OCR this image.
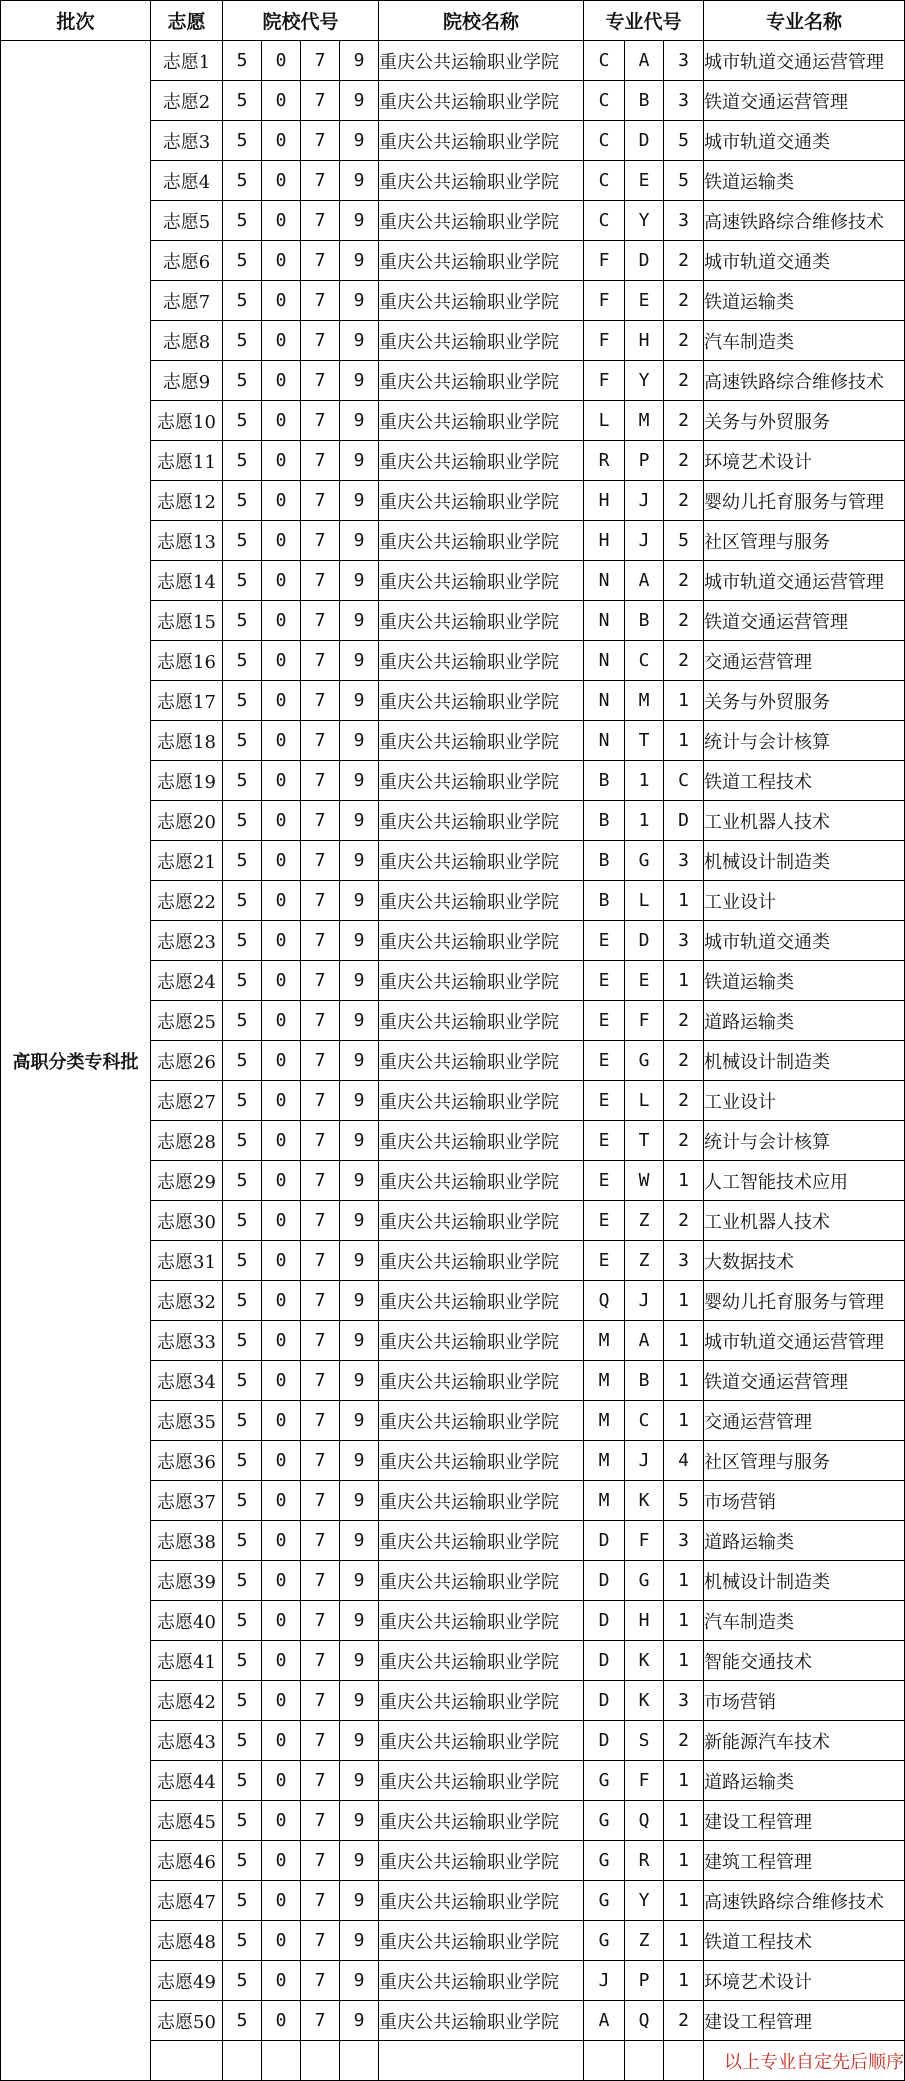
批次	志愿	院校代号				院校名称	专业代号			专业名称
高职分类专科批	志愿1	5	0	7	9	重庆公共运输职业学院	C	A	3	城市轨道交通运营管理
	志愿2	5	0	7	9	重庆公共运输职业学院	C	B	3	铁道交通运营管理
	志愿3	5	0	7	9	重庆公共运输职业学院	C	D	5	城市轨道交通类
	志愿4	5	0	7	9	重庆公共运输职业学院	C	E	5	铁道运输类
	志愿5	5	0	7	9	重庆公共运输职业学院	C	Y	3	高速铁路综合维修技术
	志愿6	5	0	7	9	重庆公共运输职业学院	F	D	2	城市轨道交通类
	志愿7	5	0	7	9	重庆公共运输职业学院	F	E	2	铁道运输类
	志愿8	5	0	7	9	重庆公共运输职业学院	F	H	2	汽车制造类
	志愿9	5	0	7	9	重庆公共运输职业学院	F	Y	2	高速铁路综合维修技术
	志愿10	5	0	7	9	重庆公共运输职业学院	L	M	2	关务与外贸服务
	志愿11	5	0	7	9	重庆公共运输职业学院	R	P	2	环境艺术设计
	志愿12	5	0	7	9	重庆公共运输职业学院	H	J	2	婴幼儿托育服务与管理
	志愿13	5	0	7	9	重庆公共运输职业学院	H	J	5	社区管理与服务
	志愿14	5	0	7	9	重庆公共运输职业学院	N	A	2	城市轨道交通运营管理
	志愿15	5	0	7	9	重庆公共运输职业学院	N	B	2	铁道交通运营管理
	志愿16	5	0	7	9	重庆公共运输职业学院	N	C	2	交通运营管理
	志愿17	5	0	7	9	重庆公共运输职业学院	N	M	1	关务与外贸服务
	志愿18	5	0	7	9	重庆公共运输职业学院	N	T	1	统计与会计核算
	志愿19	5	0	7	9	重庆公共运输职业学院	B	1	C	铁道工程技术
	志愿20	5	0	7	9	重庆公共运输职业学院	B	1	D	工业机器人技术
	志愿21	5	0	7	9	重庆公共运输职业学院	B	G	3	机械设计制造类
	志愿22	5	0	7	9	重庆公共运输职业学院	B	L	1	工业设计
	志愿23	5	0	7	9	重庆公共运输职业学院	E	D	3	城市轨道交通类
	志愿24	5	0	7	9	重庆公共运输职业学院	E	E	1	铁道运输类
	志愿25	5	0	7	9	重庆公共运输职业学院	E	F	2	道路运输类
	志愿26	5	0	7	9	重庆公共运输职业学院	E	G	2	机械设计制造类
	志愿27	5	0	7	9	重庆公共运输职业学院	E	L	2	工业设计
	志愿28	5	0	7	9	重庆公共运输职业学院	E	T	2	统计与会计核算
	志愿29	5	0	7	9	重庆公共运输职业学院	E	W	1	人工智能技术应用
	志愿30	5	0	7	9	重庆公共运输职业学院	E	Z	2	工业机器人技术
	志愿31	5	0	7	9	重庆公共运输职业学院	E	Z	3	大数据技术
	志愿32	5	0	7	9	重庆公共运输职业学院	Q	J	1	婴幼儿托育服务与管理
	志愿33	5	0	7	9	重庆公共运输职业学院	M	A	1	城市轨道交通运营管理
	志愿34	5	0	7	9	重庆公共运输职业学院	M	B	1	铁道交通运营管理
	志愿35	5	0	7	9	重庆公共运输职业学院	M	C	1	交通运营管理
	志愿36	5	0	7	9	重庆公共运输职业学院	M	J	4	社区管理与服务
	志愿37	5	0	7	9	重庆公共运输职业学院	M	K	5	市场营销
	志愿38	5	0	7	9	重庆公共运输职业学院	D	F	3	道路运输类
	志愿39	5	0	7	9	重庆公共运输职业学院	D	G	1	机械设计制造类
	志愿40	5	0	7	9	重庆公共运输职业学院	D	H	1	汽车制造类
	志愿41	5	0	7	9	重庆公共运输职业学院	D	K	1	智能交通技术
	志愿42	5	0	7	9	重庆公共运输职业学院	D	K	3	市场营销
	志愿43	5	0	7	9	重庆公共运输职业学院	D	S	2	新能源汽车技术
	志愿44	5	0	7	9	重庆公共运输职业学院	G	F	1	道路运输类
	志愿45	5	0	7	9	重庆公共运输职业学院	G	Q	1	建设工程管理
	志愿46	5	0	7	9	重庆公共运输职业学院	G	R	1	建筑工程管理
	志愿47	5	0	7	9	重庆公共运输职业学院	G	Y	1	高速铁路综合维修技术
	志愿48	5	0	7	9	重庆公共运输职业学院	G	Z	1	铁道工程技术
	志愿49	5	0	7	9	重庆公共运输职业学院	J	P	1	环境艺术设计
	志愿50	5	0	7	9	重庆公共运输职业学院	A	Q	2	建设工程管理
										以上专业自定先后顺序
